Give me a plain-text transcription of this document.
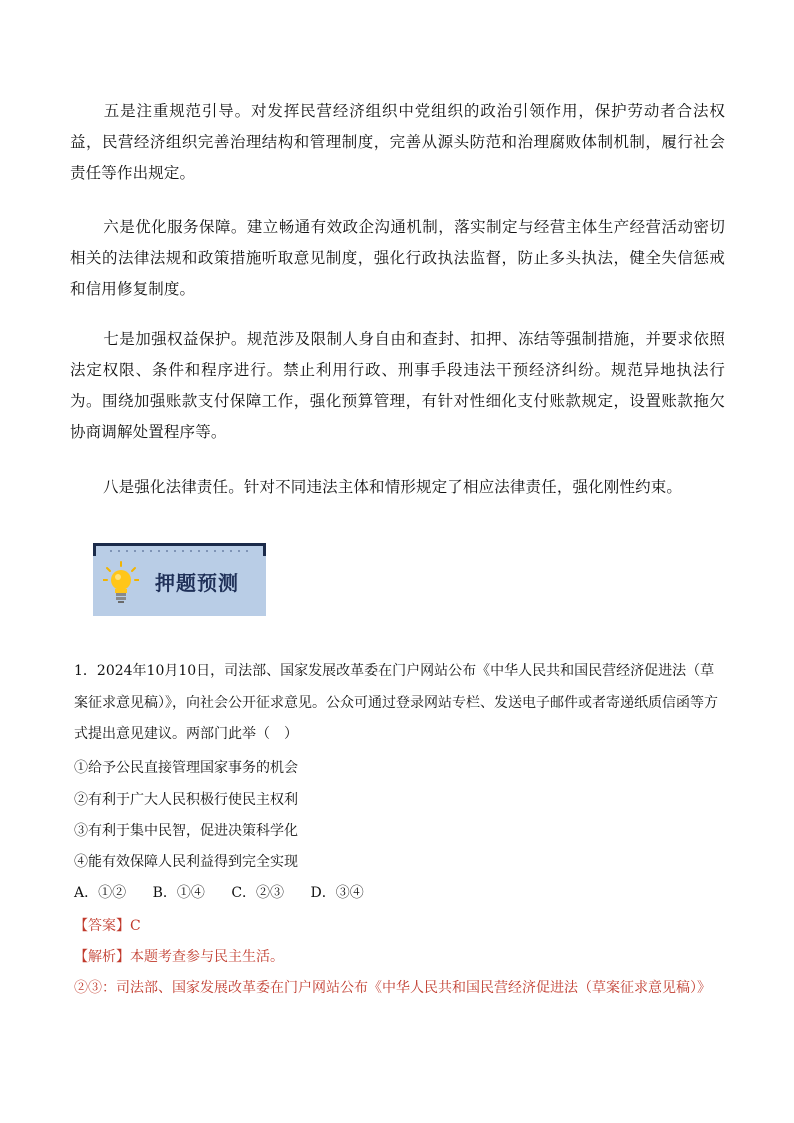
五是注重规范引导。对发挥民营经济组织中党组织的政治引领作用，保护劳动者合法权益，民营经济组织完善治理结构和管理制度，完善从源头防范和治理腐败体制机制，履行社会责任等作出规定。

六是优化服务保障。建立畅通有效政企沟通机制，落实制定与经营主体生产经营活动密切相关的法律法规和政策措施听取意见制度，强化行政执法监督，防止多头执法，健全失信惩戒和信用修复制度。

七是加强权益保护。规范涉及限制人身自由和查封、扣押、冻结等强制措施，并要求依照法定权限、条件和程序进行。禁止利用行政、刑事手段违法干预经济纠纷。规范异地执法行为。围绕加强账款支付保障工作，强化预算管理，有针对性细化支付账款规定，设置账款拖欠协商调解处置程序等。

八是强化法律责任。针对不同违法主体和情形规定了相应法律责任，强化刚性约束。

押题预测

1．2024年10月10日，司法部、国家发展改革委在门户网站公布《中华人民共和国民营经济促进法（草案征求意见稿）》，向社会公开征求意见。公众可通过登录网站专栏、发送电子邮件或者寄递纸质信函等方式提出意见建议。两部门此举（　）

①给予公民直接管理国家事务的机会
②有利于广大人民积极行使民主权利
③有利于集中民智，促进决策科学化
④能有效保障人民利益得到完全实现
A．①② B．①④ C．②③ D．③④
【答案】C
【解析】本题考查参与民主生活。
②③：司法部、国家发展改革委在门户网站公布《中华人民共和国民营经济促进法（草案征求意见稿）》
